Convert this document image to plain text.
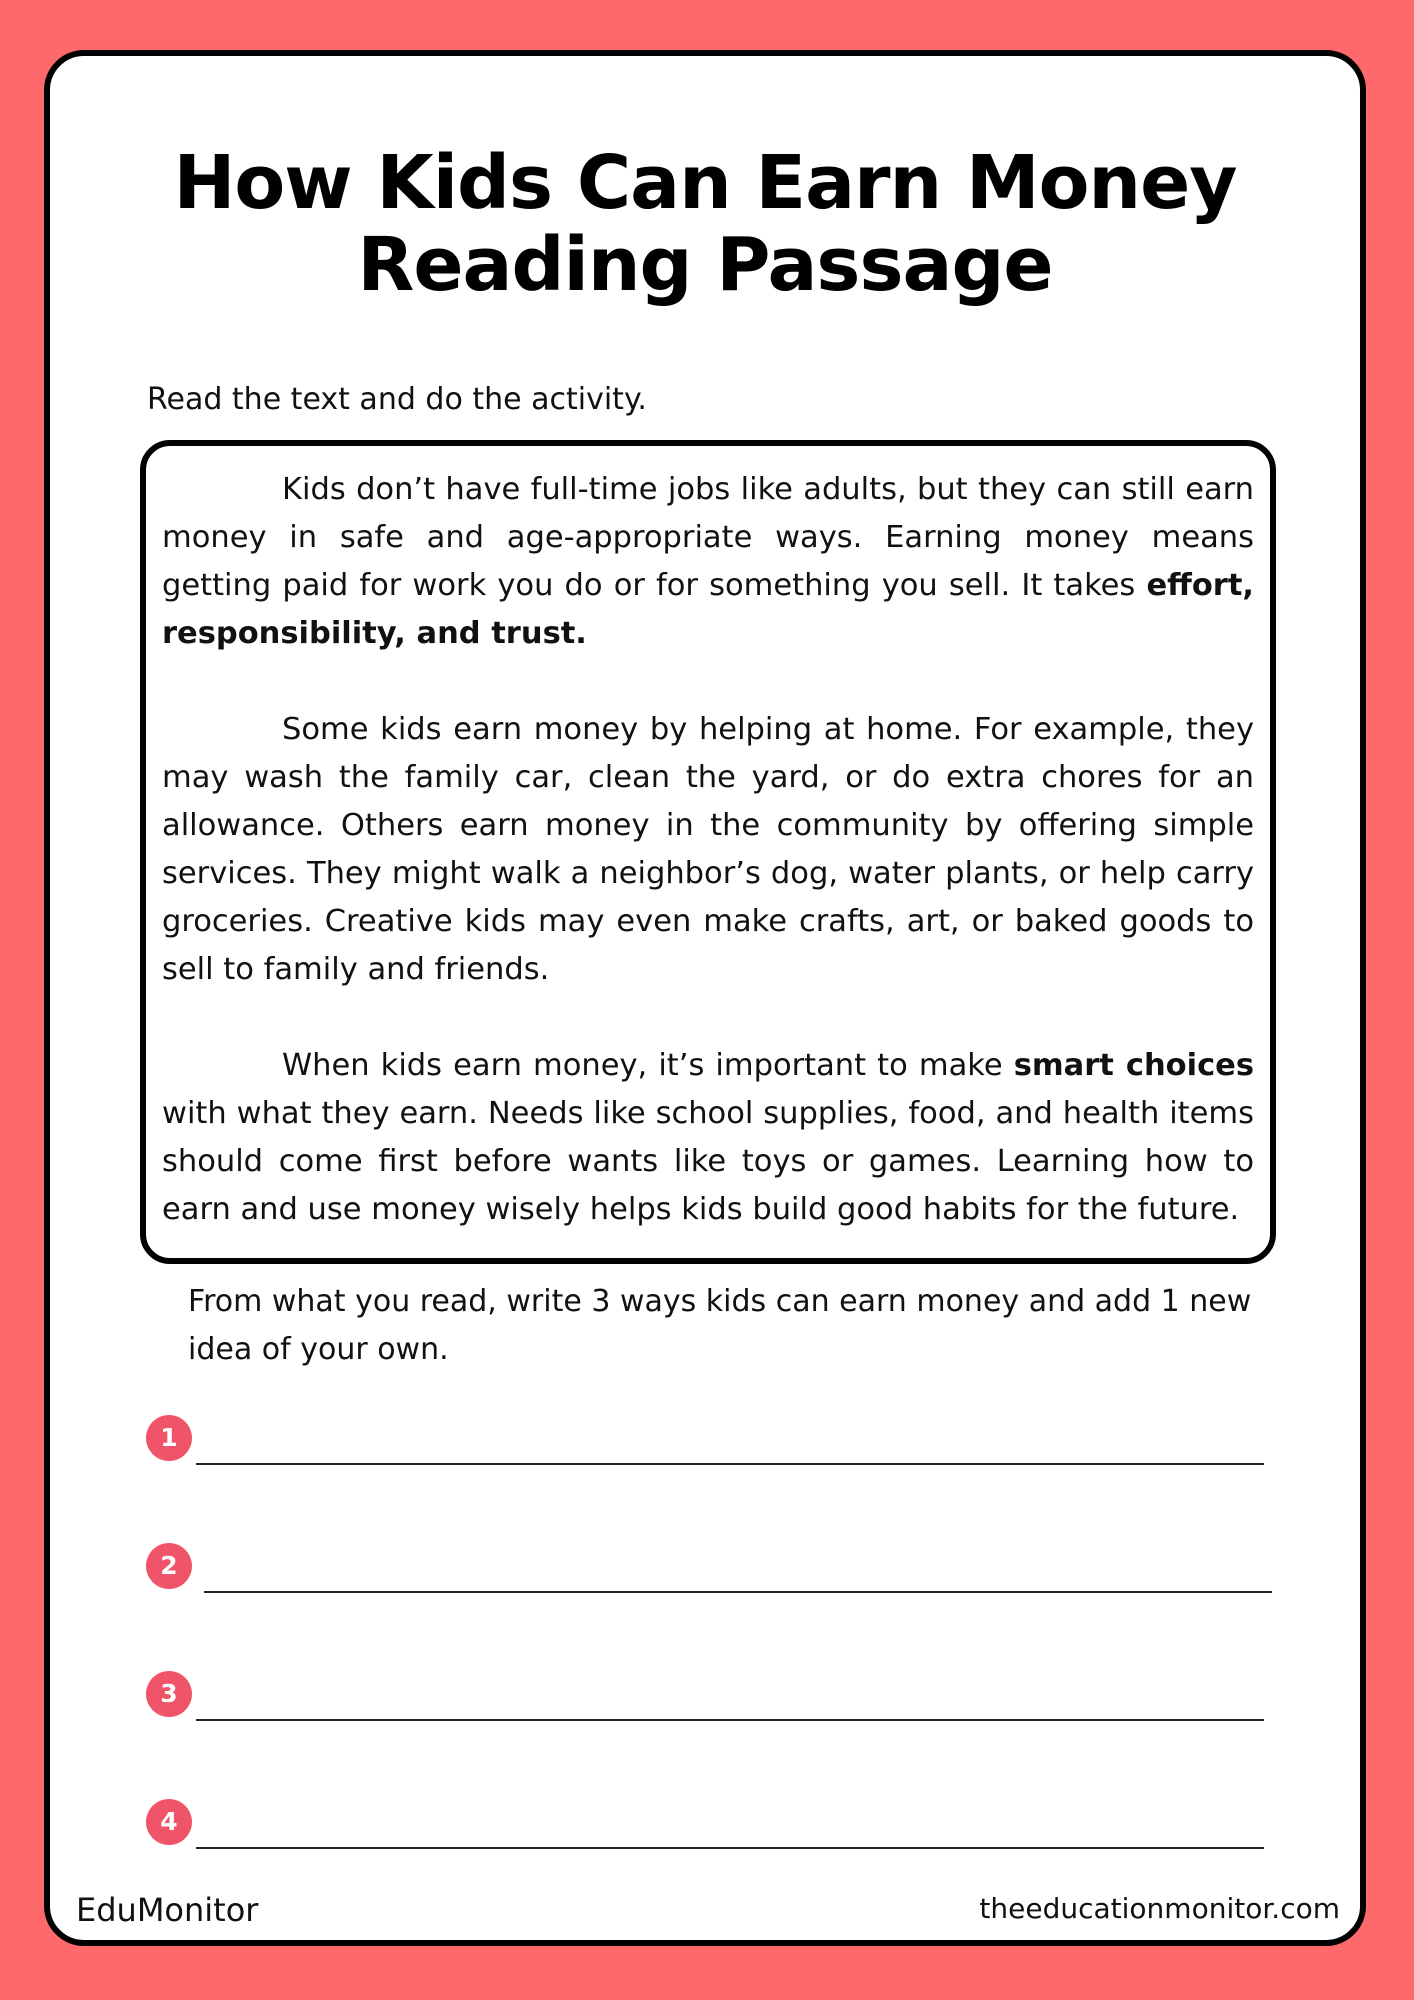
How Kids Can Earn Money
Reading Passage

Read the text and do the activity.

Kids don’t have full-time jobs like adults, but they can still earn money in safe and age-appropriate ways. Earning money means getting paid for work you do or for something you sell. It takes effort, responsibility, and trust.

Some kids earn money by helping at home. For example, they may wash the family car, clean the yard, or do extra chores for an allowance. Others earn money in the community by offering simple services. They might walk a neighbor’s dog, water plants, or help carry groceries. Creative kids may even make crafts, art, or baked goods to sell to family and friends.

When kids earn money, it’s important to make smart choices with what they earn. Needs like school supplies, food, and health items should come first before wants like toys or games. Learning how to earn and use money wisely helps kids build good habits for the future.

From what you read, write 3 ways kids can earn money and add 1 new idea of your own.

1
2
3
4

EduMonitor	theeducationmonitor.com
